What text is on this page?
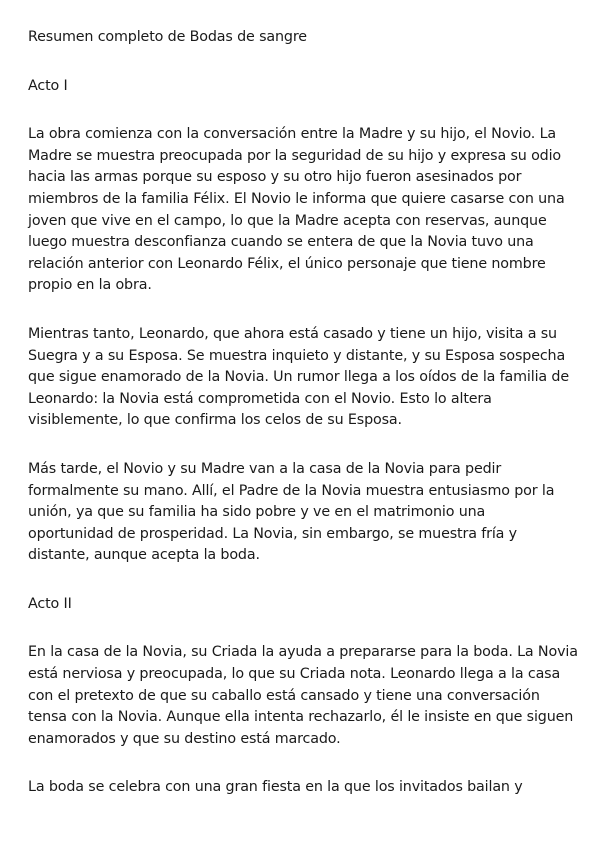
Resumen completo de Bodas de sangre
Acto I
La obra comienza con la conversación entre la Madre y su hijo, el Novio. La
Madre se muestra preocupada por la seguridad de su hijo y expresa su odio
hacia las armas porque su esposo y su otro hijo fueron asesinados por
miembros de la familia Félix. El Novio le informa que quiere casarse con una
joven que vive en el campo, lo que la Madre acepta con reservas, aunque
luego muestra desconfianza cuando se entera de que la Novia tuvo una
relación anterior con Leonardo Félix, el único personaje que tiene nombre
propio en la obra.
Mientras tanto, Leonardo, que ahora está casado y tiene un hijo, visita a su
Suegra y a su Esposa. Se muestra inquieto y distante, y su Esposa sospecha
que sigue enamorado de la Novia. Un rumor llega a los oídos de la familia de
Leonardo: la Novia está comprometida con el Novio. Esto lo altera
visiblemente, lo que confirma los celos de su Esposa.
Más tarde, el Novio y su Madre van a la casa de la Novia para pedir
formalmente su mano. Allí, el Padre de la Novia muestra entusiasmo por la
unión, ya que su familia ha sido pobre y ve en el matrimonio una
oportunidad de prosperidad. La Novia, sin embargo, se muestra fría y
distante, aunque acepta la boda.
Acto II
En la casa de la Novia, su Criada la ayuda a prepararse para la boda. La Novia
está nerviosa y preocupada, lo que su Criada nota. Leonardo llega a la casa
con el pretexto de que su caballo está cansado y tiene una conversación
tensa con la Novia. Aunque ella intenta rechazarlo, él le insiste en que siguen
enamorados y que su destino está marcado.
La boda se celebra con una gran fiesta en la que los invitados bailan y
